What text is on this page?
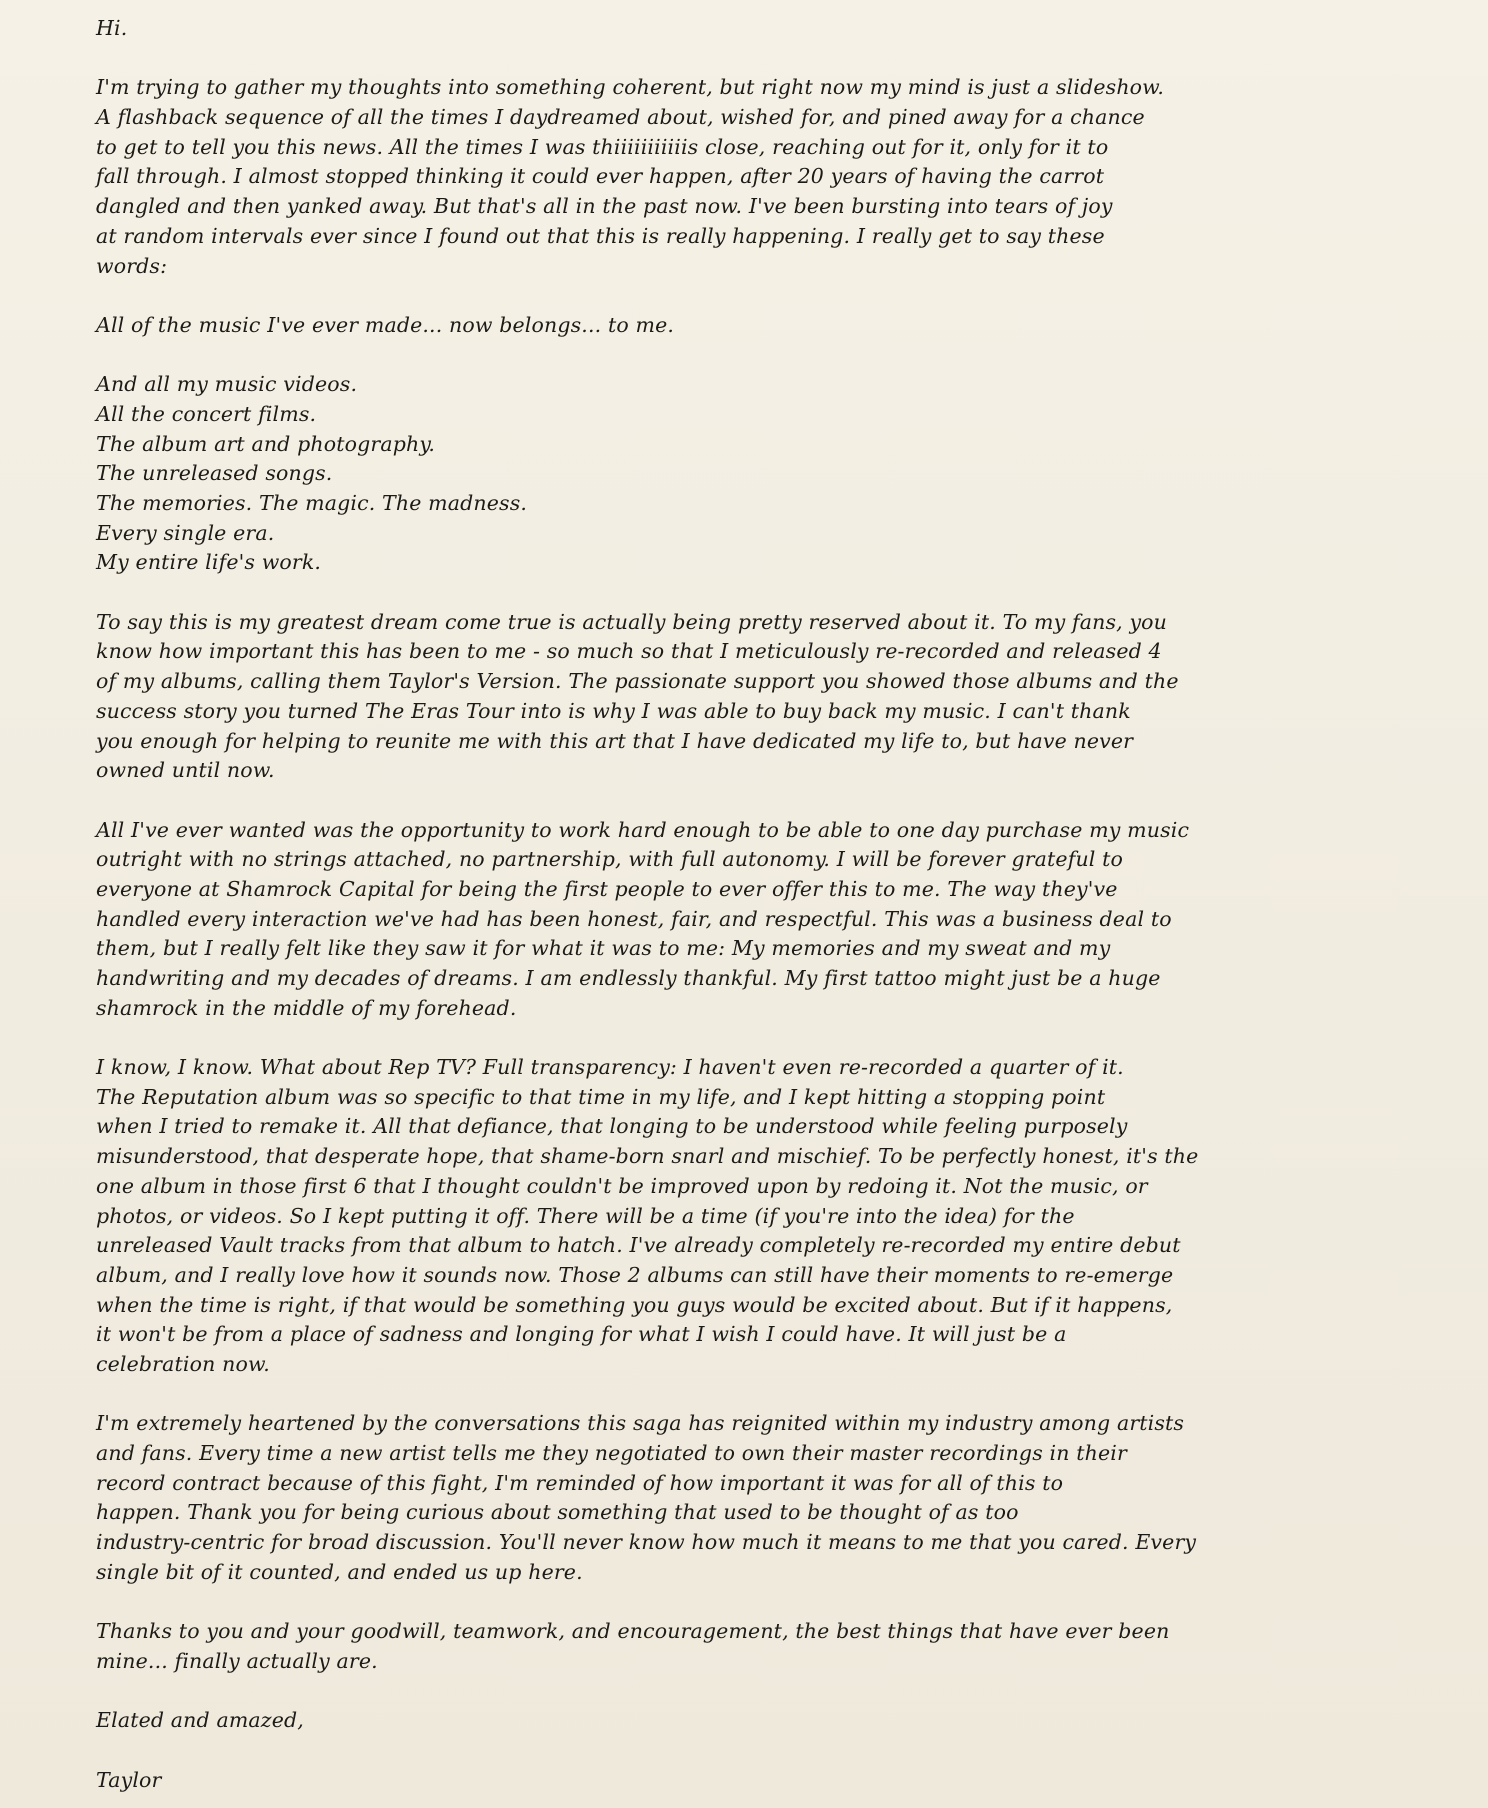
Hi.
I'm trying to gather my thoughts into something coherent, but right now my mind is just a slideshow.
A flashback sequence of all the times I daydreamed about, wished for, and pined away for a chance
to get to tell you this news. All the times I was thiiiiiiiiiiis close, reaching out for it, only for it to
fall through. I almost stopped thinking it could ever happen, after 20 years of having the carrot
dangled and then yanked away. But that's all in the past now. I've been bursting into tears of joy
at random intervals ever since I found out that this is really happening. I really get to say these
words:
All of the music I've ever made... now belongs... to me.
And all my music videos.
All the concert films.
The album art and photography.
The unreleased songs.
The memories. The magic. The madness.
Every single era.
My entire life's work.
To say this is my greatest dream come true is actually being pretty reserved about it. To my fans, you
know how important this has been to me - so much so that I meticulously re-recorded and released 4
of my albums, calling them Taylor's Version. The passionate support you showed those albums and the
success story you turned The Eras Tour into is why I was able to buy back my music. I can't thank
you enough for helping to reunite me with this art that I have dedicated my life to, but have never
owned until now.
All I've ever wanted was the opportunity to work hard enough to be able to one day purchase my music
outright with no strings attached, no partnership, with full autonomy. I will be forever grateful to
everyone at Shamrock Capital for being the first people to ever offer this to me. The way they've
handled every interaction we've had has been honest, fair, and respectful. This was a business deal to
them, but I really felt like they saw it for what it was to me: My memories and my sweat and my
handwriting and my decades of dreams. I am endlessly thankful. My first tattoo might just be a huge
shamrock in the middle of my forehead.
I know, I know. What about Rep TV? Full transparency: I haven't even re-recorded a quarter of it.
The Reputation album was so specific to that time in my life, and I kept hitting a stopping point
when I tried to remake it. All that defiance, that longing to be understood while feeling purposely
misunderstood, that desperate hope, that shame-born snarl and mischief. To be perfectly honest, it's the
one album in those first 6 that I thought couldn't be improved upon by redoing it. Not the music, or
photos, or videos. So I kept putting it off. There will be a time (if you're into the idea) for the
unreleased Vault tracks from that album to hatch. I've already completely re-recorded my entire debut
album, and I really love how it sounds now. Those 2 albums can still have their moments to re-emerge
when the time is right, if that would be something you guys would be excited about. But if it happens,
it won't be from a place of sadness and longing for what I wish I could have. It will just be a
celebration now.
I'm extremely heartened by the conversations this saga has reignited within my industry among artists
and fans. Every time a new artist tells me they negotiated to own their master recordings in their
record contract because of this fight, I'm reminded of how important it was for all of this to
happen. Thank you for being curious about something that used to be thought of as too
industry-centric for broad discussion. You'll never know how much it means to me that you cared. Every
single bit of it counted, and ended us up here.
Thanks to you and your goodwill, teamwork, and encouragement, the best things that have ever been
mine... finally actually are.
Elated and amazed,
Taylor
